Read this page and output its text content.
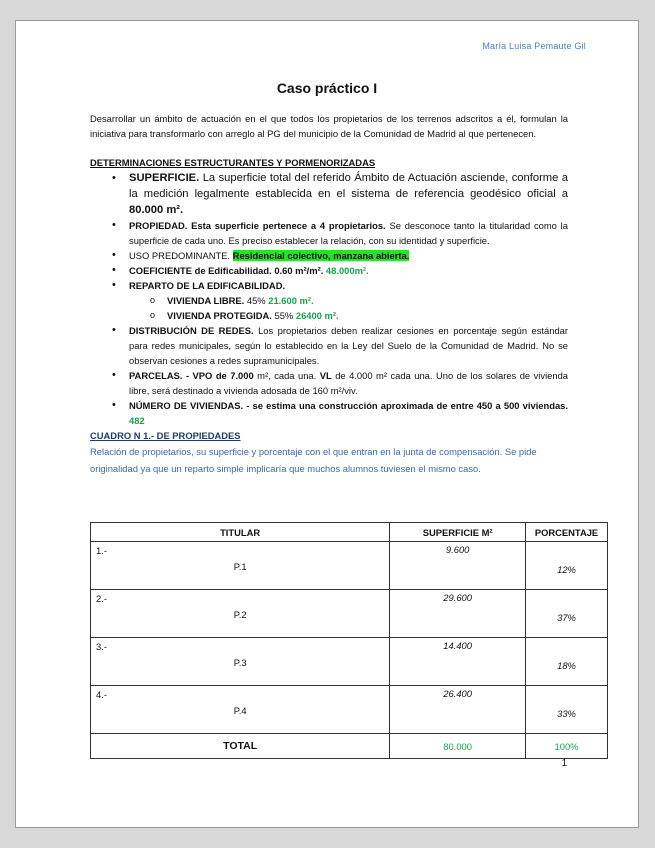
María Luisa Pemaute Gil
Caso práctico I

Desarrollar un ámbito de actuación en el que todos los propietarios de los terrenos adscritos a él, formulan la iniciativa para transformarlo con arreglo al PG del municipio de la Comunidad de Madrid al que pertenecen.

DETERMINACIONES ESTRUCTURANTES Y PORMENORIZADAS
• SUPERFICIE. La superficie total del referido Ámbito de Actuación asciende, conforme a la medición legalmente establecida en el sistema de referencia geodésico oficial a 80.000 m².
• PROPIEDAD. Esta superficie pertenece a 4 propietarios. Se desconoce tanto la titularidad como la superficie de cada uno. Es preciso establecer la relación, con su identidad y superficie.
• USO PREDOMINANTE. Residencial colectivo, manzana abierta.
• COEFICIENTE de Edificabilidad. 0.60 m²/m². 48.000m².
• REPARTO DE LA EDIFICABILIDAD.
o VIVIENDA LIBRE. 45% 21.600 m².
o VIVIENDA PROTEGIDA. 55% 26400 m².
• DISTRIBUCIÓN DE REDES. Los propietarios deben realizar cesiones en porcentaje según estándar para redes municipales, según lo establecido en la Ley del Suelo de la Comunidad de Madrid. No se observan cesiones a redes supramunicipales.
• PARCELAS. - VPO de 7.000 m², cada una. VL de 4.000 m² cada una. Uno de los solares de vivienda libre, será destinado a vivienda adosada de 160 m²/viv.
• NÚMERO DE VIVIENDAS. - se estima una construcción aproximada de entre 450 a 500 viviendas. 482
CUADRO N 1.- DE PROPIEDADES

Relación de propietarios, su superficie y porcentaje con el que entran en la junta de compensación. Se pide originalidad ya que un reparto simple implicaría que muchos alumnos tuviesen el mismo caso.

TITULAR	SUPERFICIE M²	PORCENTAJE

1.-
P.1	9.600	12%

2.-
P.2	29.600	37%

3.-
P.3	14.400	18%

4.-
P.4	26.400	33%
TOTAL	80.000	100%
1
